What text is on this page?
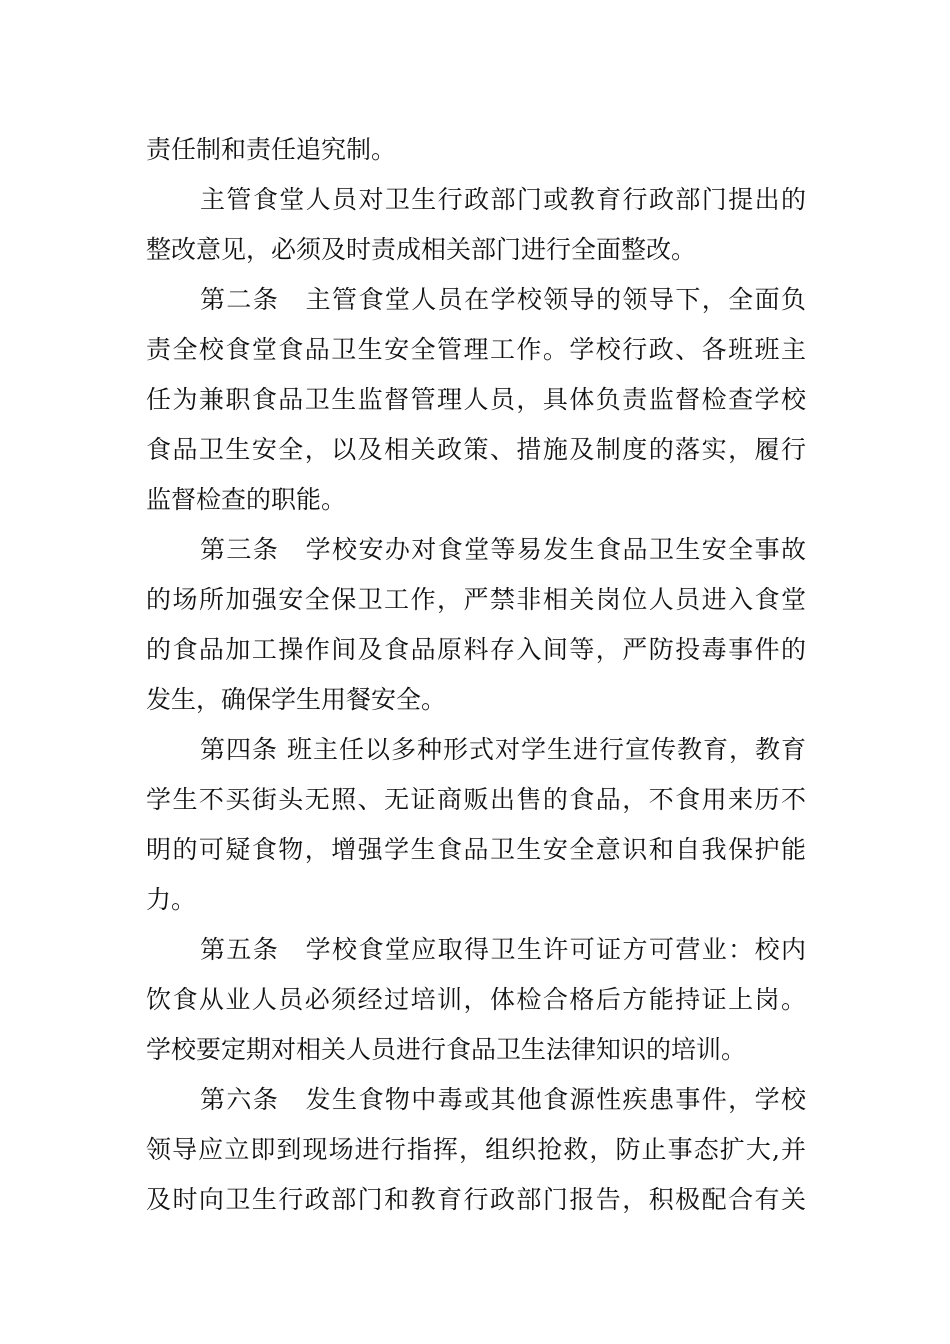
责任制和责任追究制。
主管食堂人员对卫生行政部门或教育行政部门提出的
整改意见，必须及时责成相关部门进行全面整改。
第二条　主管食堂人员在学校领导的领导下，全面负
责全校食堂食品卫生安全管理工作。学校行政、各班班主
任为兼职食品卫生监督管理人员，具体负责监督检查学校
食品卫生安全，以及相关政策、措施及制度的落实，履行
监督检查的职能。
第三条　学校安办对食堂等易发生食品卫生安全事故
的场所加强安全保卫工作，严禁非相关岗位人员进入食堂
的食品加工操作间及食品原料存入间等，严防投毒事件的
发生，确保学生用餐安全。
第四条 班主任以多种形式对学生进行宣传教育，教育
学生不买街头无照、无证商贩出售的食品，不食用来历不
明的可疑食物，增强学生食品卫生安全意识和自我保护能
力。
第五条　学校食堂应取得卫生许可证方可营业：校内
饮食从业人员必须经过培训，体检合格后方能持证上岗。
学校要定期对相关人员进行食品卫生法律知识的培训。
第六条　发生食物中毒或其他食源性疾患事件，学校
领导应立即到现场进行指挥，组织抢救，防止事态扩大,并
及时向卫生行政部门和教育行政部门报告，积极配合有关
